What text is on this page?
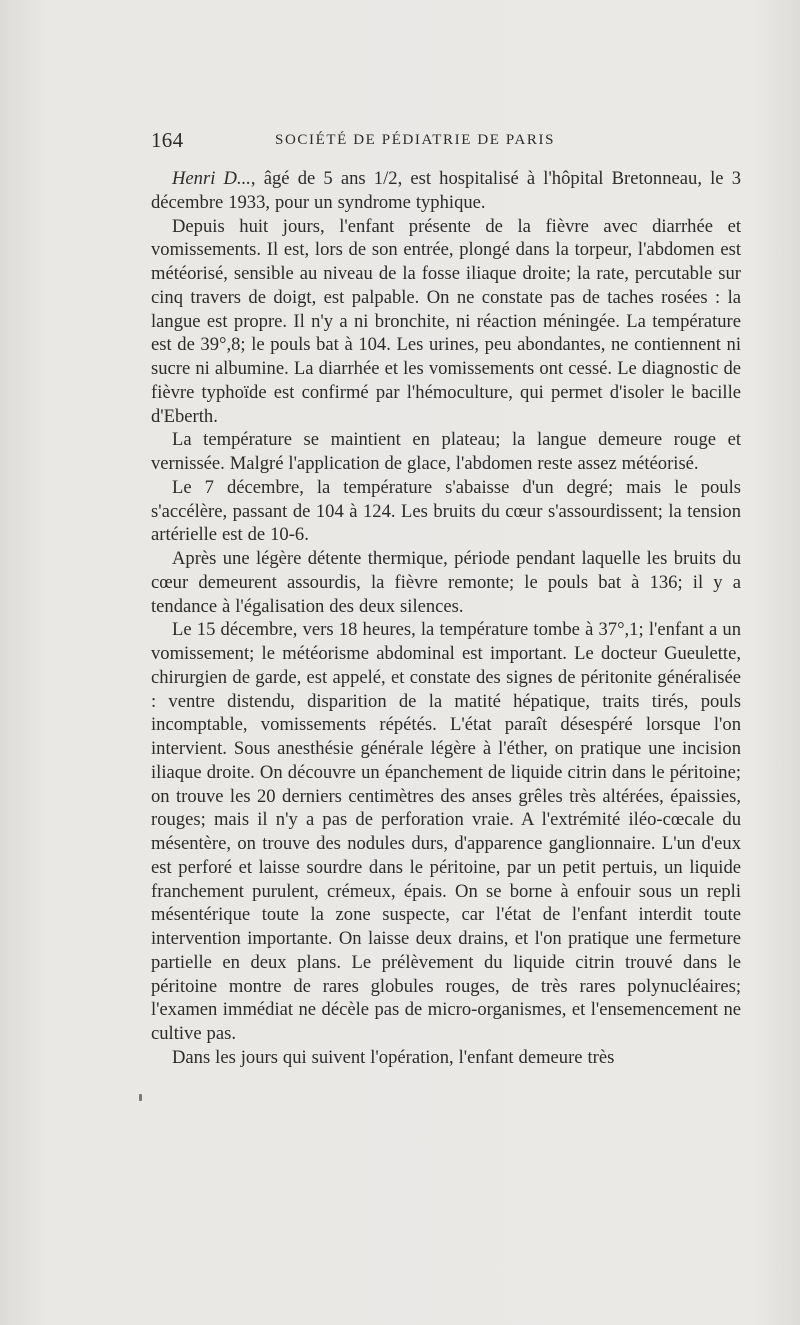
164	SOCIÉTÉ DE PÉDIATRIE DE PARIS

Henri D..., âgé de 5 ans 1/2, est hospitalisé à l'hôpital Bretonneau, le 3 décembre 1933, pour un syndrome typhique.

Depuis huit jours, l'enfant présente de la fièvre avec diarrhée et vomissements. Il est, lors de son entrée, plongé dans la torpeur, l'abdomen est météorisé, sensible au niveau de la fosse iliaque droite; la rate, percutable sur cinq travers de doigt, est palpable. On ne constate pas de taches rosées : la langue est propre. Il n'y a ni bronchite, ni réaction méningée. La température est de 39°,8; le pouls bat à 104. Les urines, peu abondantes, ne contiennent ni sucre ni albumine. La diarrhée et les vomissements ont cessé. Le diagnostic de fièvre typhoïde est confirmé par l'hémoculture, qui permet d'isoler le bacille d'Eberth.

La température se maintient en plateau; la langue demeure rouge et vernissée. Malgré l'application de glace, l'abdomen reste assez météorisé.

Le 7 décembre, la température s'abaisse d'un degré; mais le pouls s'accélère, passant de 104 à 124. Les bruits du cœur s'assourdissent; la tension artérielle est de 10-6.

Après une légère détente thermique, période pendant laquelle les bruits du cœur demeurent assourdis, la fièvre remonte; le pouls bat à 136; il y a tendance à l'égalisation des deux silences.

Le 15 décembre, vers 18 heures, la température tombe à 37°,1; l'enfant a un vomissement; le météorisme abdominal est important. Le docteur Gueulette, chirurgien de garde, est appelé, et constate des signes de péritonite généralisée : ventre distendu, disparition de la matité hépatique, traits tirés, pouls incomptable, vomissements répétés. L'état paraît désespéré lorsque l'on intervient. Sous anesthésie générale légère à l'éther, on pratique une incision iliaque droite. On découvre un épanchement de liquide citrin dans le péritoine; on trouve les 20 derniers centimètres des anses grêles très altérées, épaissies, rouges; mais il n'y a pas de perforation vraie. A l'extrémité iléo-cœcale du mésentère, on trouve des nodules durs, d'apparence ganglionnaire. L'un d'eux est perforé et laisse sourdre dans le péritoine, par un petit pertuis, un liquide franchement purulent, crémeux, épais. On se borne à enfouir sous un repli mésentérique toute la zone suspecte, car l'état de l'enfant interdit toute intervention importante. On laisse deux drains, et l'on pratique une fermeture partielle en deux plans. Le prélèvement du liquide citrin trouvé dans le péritoine montre de rares globules rouges, de très rares polynucléaires; l'examen immédiat ne décèle pas de micro-organismes, et l'ensemencement ne cultive pas.

Dans les jours qui suivent l'opération, l'enfant demeure très
